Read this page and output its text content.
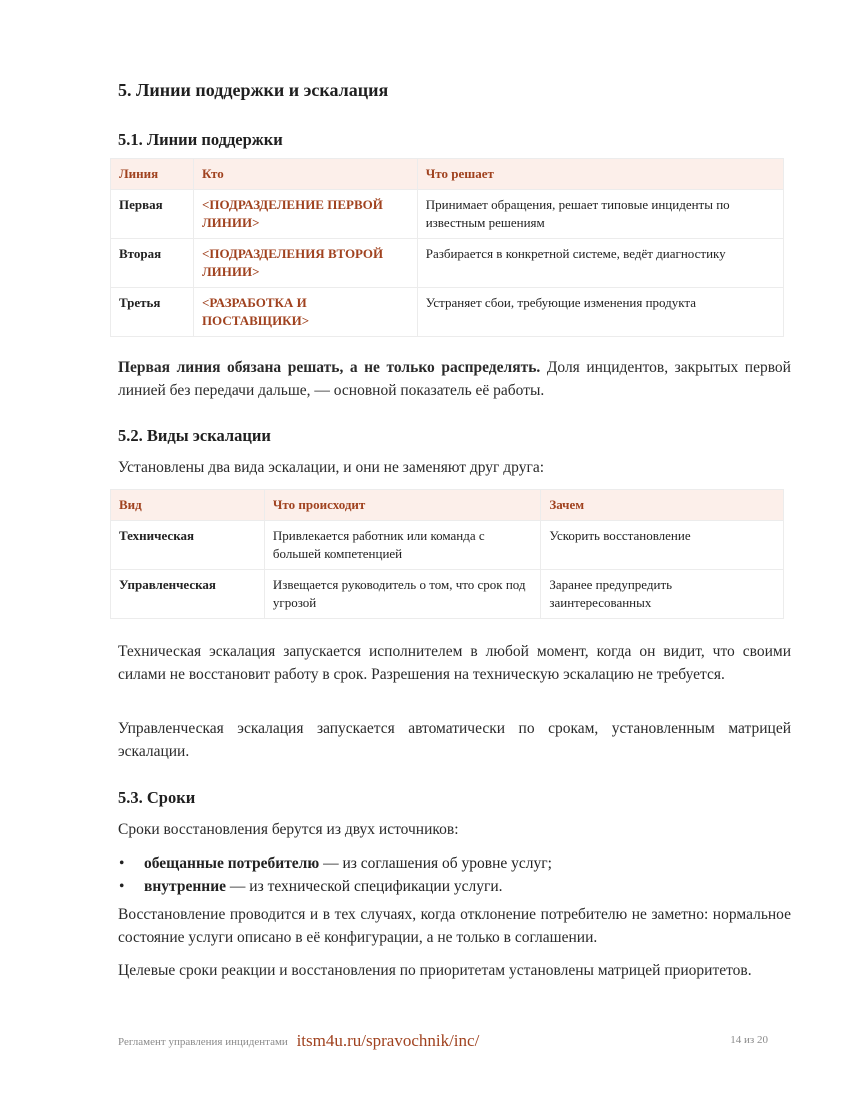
5. Линии поддержки и эскалация
5.1. Линии поддержки
Линия	Кто	Что решает
Первая	<ПОДРАЗДЕЛЕНИЕ ПЕРВОЙ ЛИНИИ>	Принимает обращения, решает типовые инциденты по известным решениям
Вторая	<ПОДРАЗДЕЛЕНИЯ ВТОРОЙ ЛИНИИ>	Разбирается в конкретной системе, ведёт диагностику
Третья	<РАЗРАБОТКА И ПОСТАВЩИКИ>	Устраняет сбои, требующие изменения продукта

Первая линия обязана решать, а не только распределять. Доля инцидентов, закрытых первой линией без передачи дальше, — основной показатель её работы.

5.2. Виды эскалации

Установлены два вида эскалации, и они не заменяют друг друга:

Вид	Что происходит	Зачем
Техническая	Привлекается работник или команда с большей компетенцией	Ускорить восстановление
Управленческая	Извещается руководитель о том, что срок под угрозой	Заранее предупредить заинтересованных

Техническая эскалация запускается исполнителем в любой момент, когда он видит, что своими силами не восстановит работу в срок. Разрешения на техническую эскалацию не требуется.

Управленческая эскалация запускается автоматически по срокам, установленным матрицей эскалации.

5.3. Сроки

Сроки восстановления берутся из двух источников:

• обещанные потребителю — из соглашения об уровне услуг;
• внутренние — из технической спецификации услуги.

Восстановление проводится и в тех случаях, когда отклонение потребителю не заметно: нормальное состояние услуги описано в её конфигурации, а не только в соглашении.

Целевые сроки реакции и восстановления по приоритетам установлены матрицей приоритетов.

Регламент управления инцидентами itsm4u.ru/spravochnik/inc/	14 из 20
